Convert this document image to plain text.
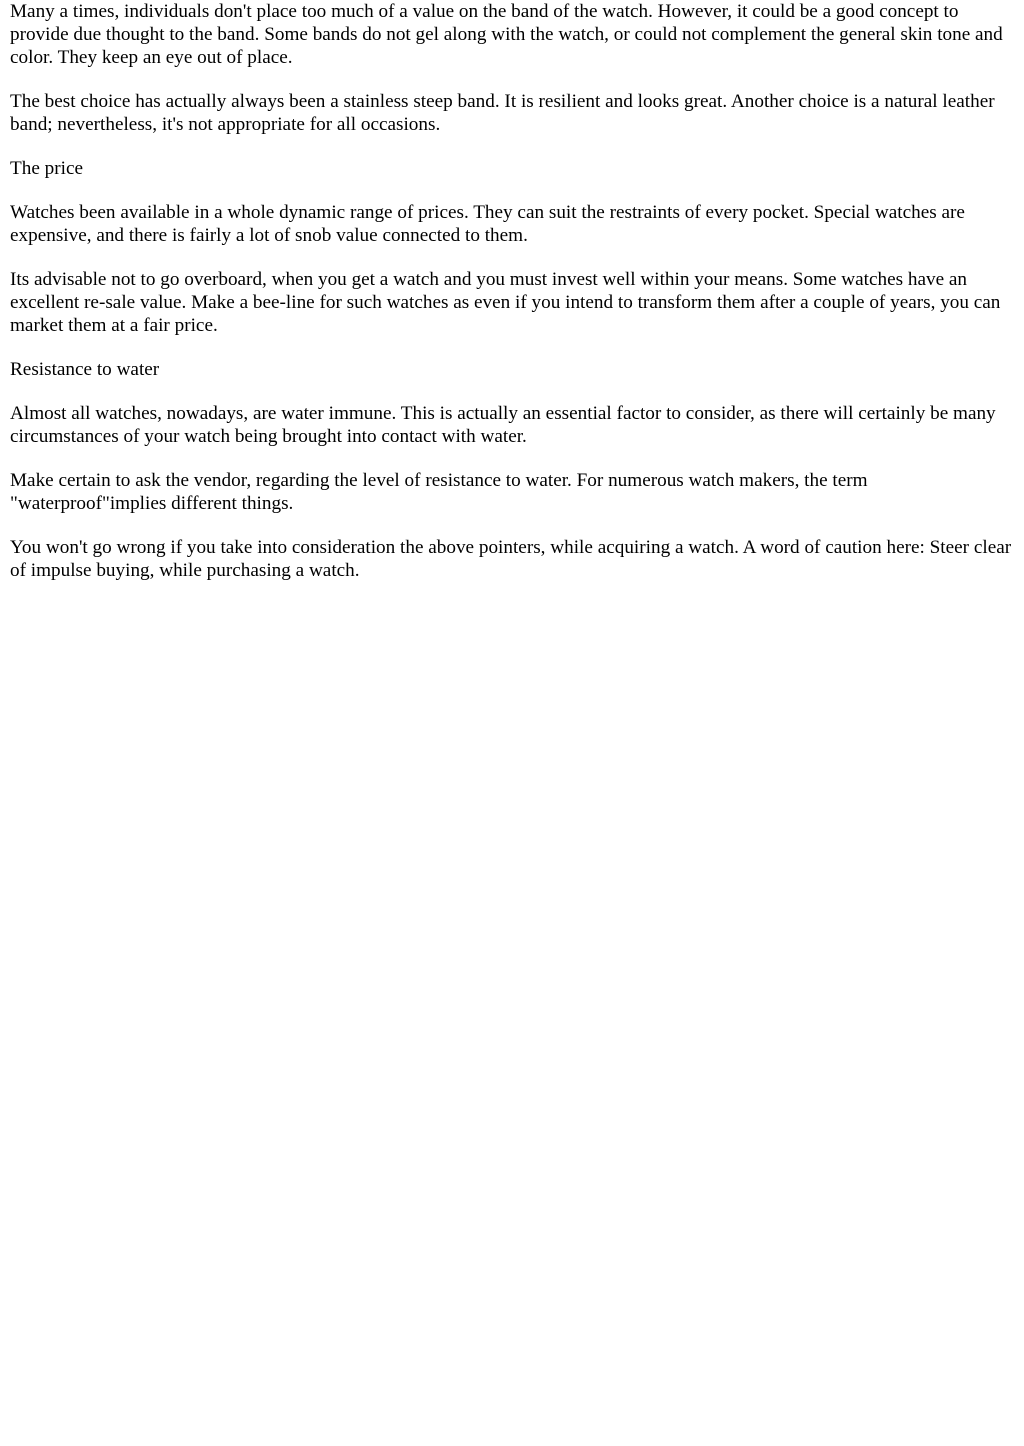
Many a times, individuals don't place too much of a value on the band of the watch. However, it could be a good concept to provide due thought to the band. Some bands do not gel along with the watch, or could not complement the general skin tone and color. They keep an eye out of place.

The best choice has actually always been a stainless steep band. It is resilient and looks great. Another choice is a natural leather band; nevertheless, it's not appropriate for all occasions.

The price

Watches been available in a whole dynamic range of prices. They can suit the restraints of every pocket. Special watches are expensive, and there is fairly a lot of snob value connected to them.

Its advisable not to go overboard, when you get a watch and you must invest well within your means. Some watches have an excellent re-sale value. Make a bee-line for such watches as even if you intend to transform them after a couple of years, you can market them at a fair price.

Resistance to water

Almost all watches, nowadays, are water immune. This is actually an essential factor to consider, as there will certainly be many circumstances of your watch being brought into contact with water.

Make certain to ask the vendor, regarding the level of resistance to water. For numerous watch makers, the term "waterproof"implies different things.

You won't go wrong if you take into consideration the above pointers, while acquiring a watch. A word of caution here: Steer clear of impulse buying, while purchasing a watch.
